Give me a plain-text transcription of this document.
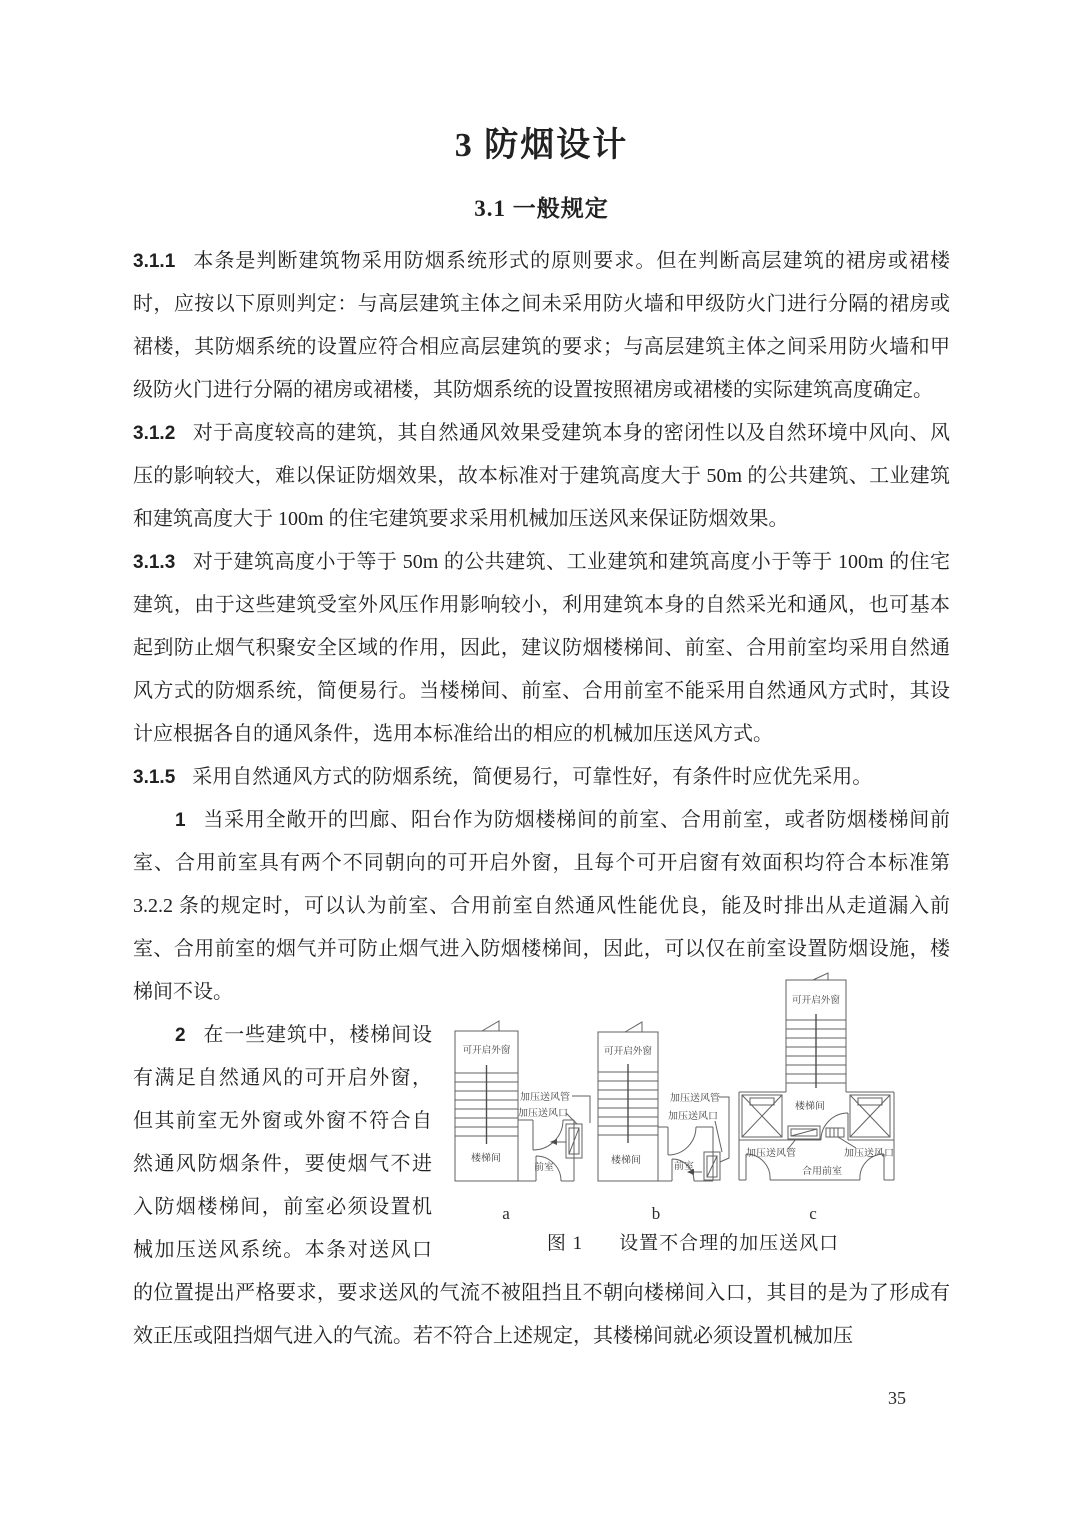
3 防烟设计
3.1 一般规定

3.1.1 本条是判断建筑物采用防烟系统形式的原则要求。但在判断高层建筑的裙房或裙楼时，应按以下原则判定：与高层建筑主体之间未采用防火墙和甲级防火门进行分隔的裙房或裙楼，其防烟系统的设置应符合相应高层建筑的要求；与高层建筑主体之间采用防火墙和甲级防火门进行分隔的裙房或裙楼，其防烟系统的设置按照裙房或裙楼的实际建筑高度确定。

3.1.2 对于高度较高的建筑，其自然通风效果受建筑本身的密闭性以及自然环境中风向、风压的影响较大，难以保证防烟效果，故本标准对于建筑高度大于 50m 的公共建筑、工业建筑和建筑高度大于 100m 的住宅建筑要求采用机械加压送风来保证防烟效果。

3.1.3 对于建筑高度小于等于 50m 的公共建筑、工业建筑和建筑高度小于等于 100m 的住宅建筑，由于这些建筑受室外风压作用影响较小，利用建筑本身的自然采光和通风，也可基本起到防止烟气积聚安全区域的作用，因此，建议防烟楼梯间、前室、合用前室均采用自然通风方式的防烟系统，简便易行。当楼梯间、前室、合用前室不能采用自然通风方式时，其设计应根据各自的通风条件，选用本标准给出的相应的机械加压送风方式。

3.1.5 采用自然通风方式的防烟系统，简便易行，可靠性好，有条件时应优先采用。

1 当采用全敞开的凹廊、阳台作为防烟楼梯间的前室、合用前室，或者防烟楼梯间前室、合用前室具有两个不同朝向的可开启外窗，且每个可开启窗有效面积均符合本标准第 3.2.2 条的规定时，可以认为前室、合用前室自然通风性能优良，能及时排出从走道漏入前室、合用前室的烟气并可防止烟气进入防烟楼梯间，因此，可以仅在前室设置防烟设施，楼梯间不设。

可开启外窗
加压送风管
加压送风口
楼梯间
前室
可开启外窗
加压送风管
加压送风口
楼梯间
前室
可开启外窗
楼梯间
加压送风管	加压送风口
合用前室
a	b	c
图 1 设置不合理的加压送风口

2 在一些建筑中，楼梯间设有满足自然通风的可开启外窗，但其前室无外窗或外窗不符合自然通风防烟条件，要使烟气不进入防烟楼梯间，前室必须设置机械加压送风系统。本条对送风口的位置提出严格要求，要求送风的气流不被阻挡且不朝向楼梯间入口，其目的是为了形成有效正压或阻挡烟气进入的气流。若不符合上述规定，其楼梯间就必须设置机械加压

35
